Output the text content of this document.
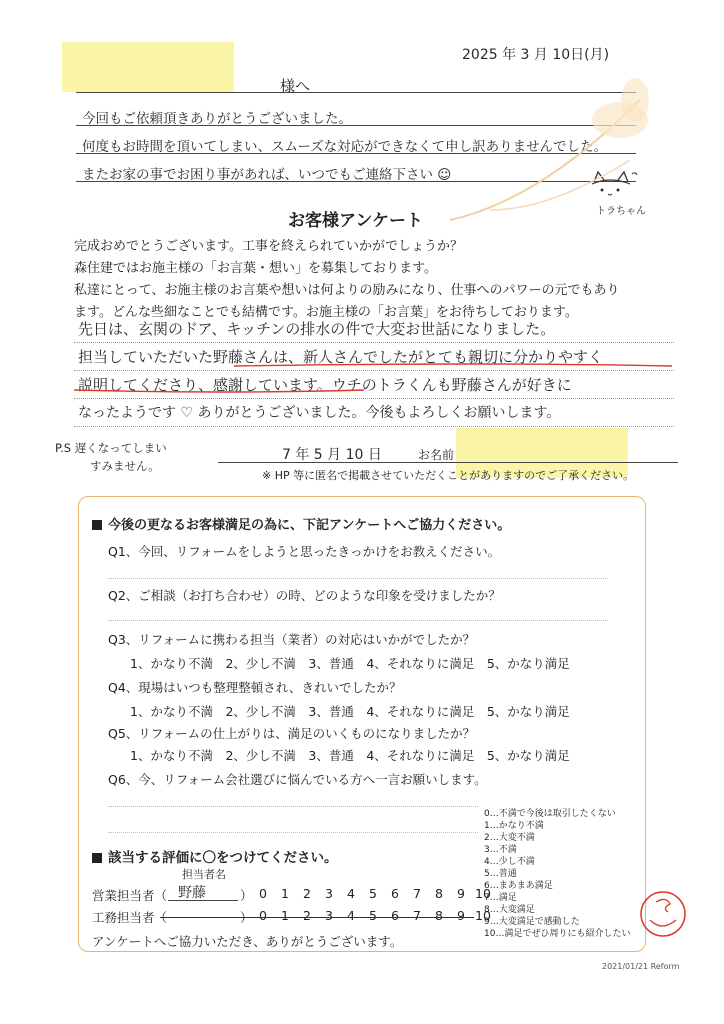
2025 年 3 月 10日(月)
様へ
今回もご依頼頂きありがとうございました。
何度もお時間を頂いてしまい、スムーズな対応ができなくて申し訳ありませんでした。
またお家の事でお困り事があれば、いつでもご連絡下さい ☺
トラちゃん
お客様アンケート
完成おめでとうございます。工事を終えられていかがでしょうか？
森住建ではお施主様の「お言葉・想い」を募集しております。
私達にとって、お施主様のお言葉や想いは何よりの励みになり、仕事へのパワーの元でもあり
ます。どんな些細なことでも結構です。お施主様の「お言葉」をお待ちしております。
先日は、玄関のドア、キッチンの排水の件で大変お世話になりました。
担当していただいた野藤さんは、新人さんでしたがとても親切に分かりやすく
説明してくださり、感謝しています。ウチのトラくんも野藤さんが好きに
なったようです ♡ ありがとうございました。今後もよろしくお願いします。
P.S 遅くなってしまい
すみません。
7 年 5 月 10 日	お名前
※ HP 等に匿名で掲載させていただくことがありますのでご了承ください。
今後の更なるお客様満足の為に、下記アンケートへご協力ください。
Q1、今回、リフォームをしようと思ったきっかけをお教えください。
Q2、ご相談（お打ち合わせ）の時、どのような印象を受けましたか？
Q3、リフォームに携わる担当（業者）の対応はいかがでしたか？
1、かなり不満　2、少し不満　3、普通　4、それなりに満足　5、かなり満足
Q4、現場はいつも整理整頓され、きれいでしたか？
1、かなり不満　2、少し不満　3、普通　4、それなりに満足　5、かなり満足
Q5、リフォームの仕上がりは、満足のいくものになりましたか？
1、かなり不満　2、少し不満　3、普通　4、それなりに満足　5、かなり満足
Q6、今、リフォーム会社選びに悩んでいる方へ一言お願いします。
該当する評価に〇をつけてください。
担当者名
営業担当者（ 野藤	） 0 1 2 3 4 5 6 7 8 9 10
工務担当者（	） 0 1 2 3 4 5 6 7 8 9 10
アンケートへご協力いただき、ありがとうございます。
0…不満で今後は取引したくない
1…かなり不満
2…大変不満
3…不満
4…少し不満
5…普通
6…まあまあ満足
7…満足
8…大変満足
9…大変満足で感動した
10…満足でぜひ周りにも紹介したい
2021/01/21 Reform
